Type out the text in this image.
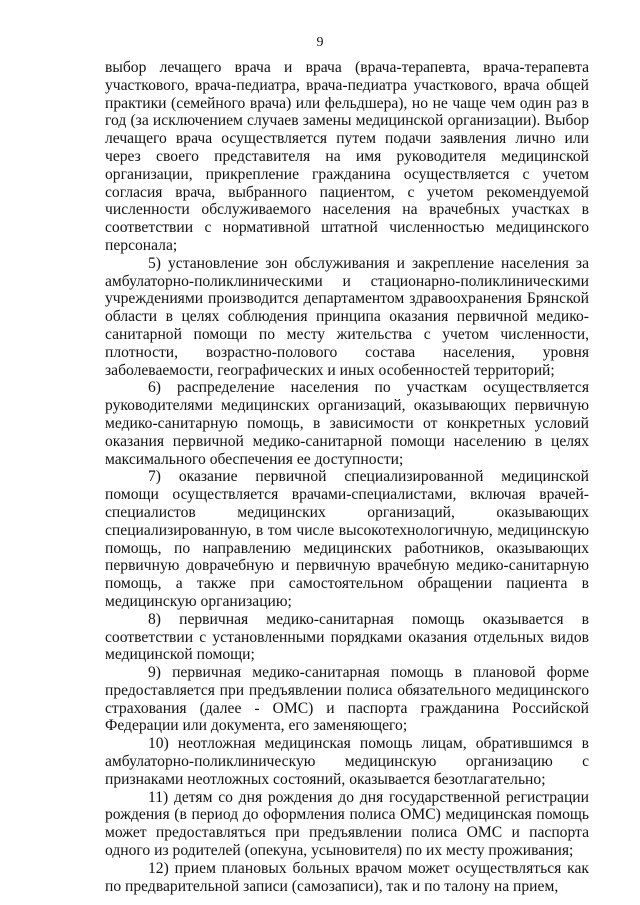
9

выбор лечащего врача и врача (врача-терапевта, врача-терапевта участкового, врача-педиатра, врача-педиатра участкового, врача общей практики (семейного врача) или фельдшера), но не чаще чем один раз в год (за исключением случаев замены медицинской организации). Выбор лечащего врача осуществляется путем подачи заявления лично или через своего представителя на имя руководителя медицинской организации, прикрепление гражданина осуществляется с учетом согласия врача, выбранного пациентом, с учетом рекомендуемой численности обслуживаемого населения на врачебных участках в соответствии с нормативной штатной численностью медицинского персонала;

5) установление зон обслуживания и закрепление населения за амбулаторно-поликлиническими и стационарно-поликлиническими учреждениями производится департаментом здравоохранения Брянской области в целях соблюдения принципа оказания первичной медико-санитарной помощи по месту жительства с учетом численности, плотности, возрастно-полового состава населения, уровня заболеваемости, географических и иных особенностей территорий;

6) распределение населения по участкам осуществляется руководителями медицинских организаций, оказывающих первичную медико-санитарную помощь, в зависимости от конкретных условий оказания первичной медико-санитарной помощи населению в целях максимального обеспечения ее доступности;

7) оказание первичной специализированной медицинской помощи осуществляется врачами-специалистами, включая врачей-специалистов медицинских организаций, оказывающих специализированную, в том числе высокотехнологичную, медицинскую помощь, по направлению медицинских работников, оказывающих первичную доврачебную и первичную врачебную медико-санитарную помощь, а также при самостоятельном обращении пациента в медицинскую организацию;

8) первичная медико-санитарная помощь оказывается в соответствии с установленными порядками оказания отдельных видов медицинской помощи;

9) первичная медико-санитарная помощь в плановой форме предоставляется при предъявлении полиса обязательного медицинского страхования (далее - ОМС) и паспорта гражданина Российской Федерации или документа, его заменяющего;

10) неотложная медицинская помощь лицам, обратившимся в амбулаторно-поликлиническую медицинскую организацию с признаками неотложных состояний, оказывается безотлагательно;

11) детям со дня рождения до дня государственной регистрации рождения (в период до оформления полиса ОМС) медицинская помощь может предоставляться при предъявлении полиса ОМС и паспорта одного из родителей (опекуна, усыновителя) по их месту проживания;

12) прием плановых больных врачом может осуществляться как по предварительной записи (самозаписи), так и по талону на прием,
